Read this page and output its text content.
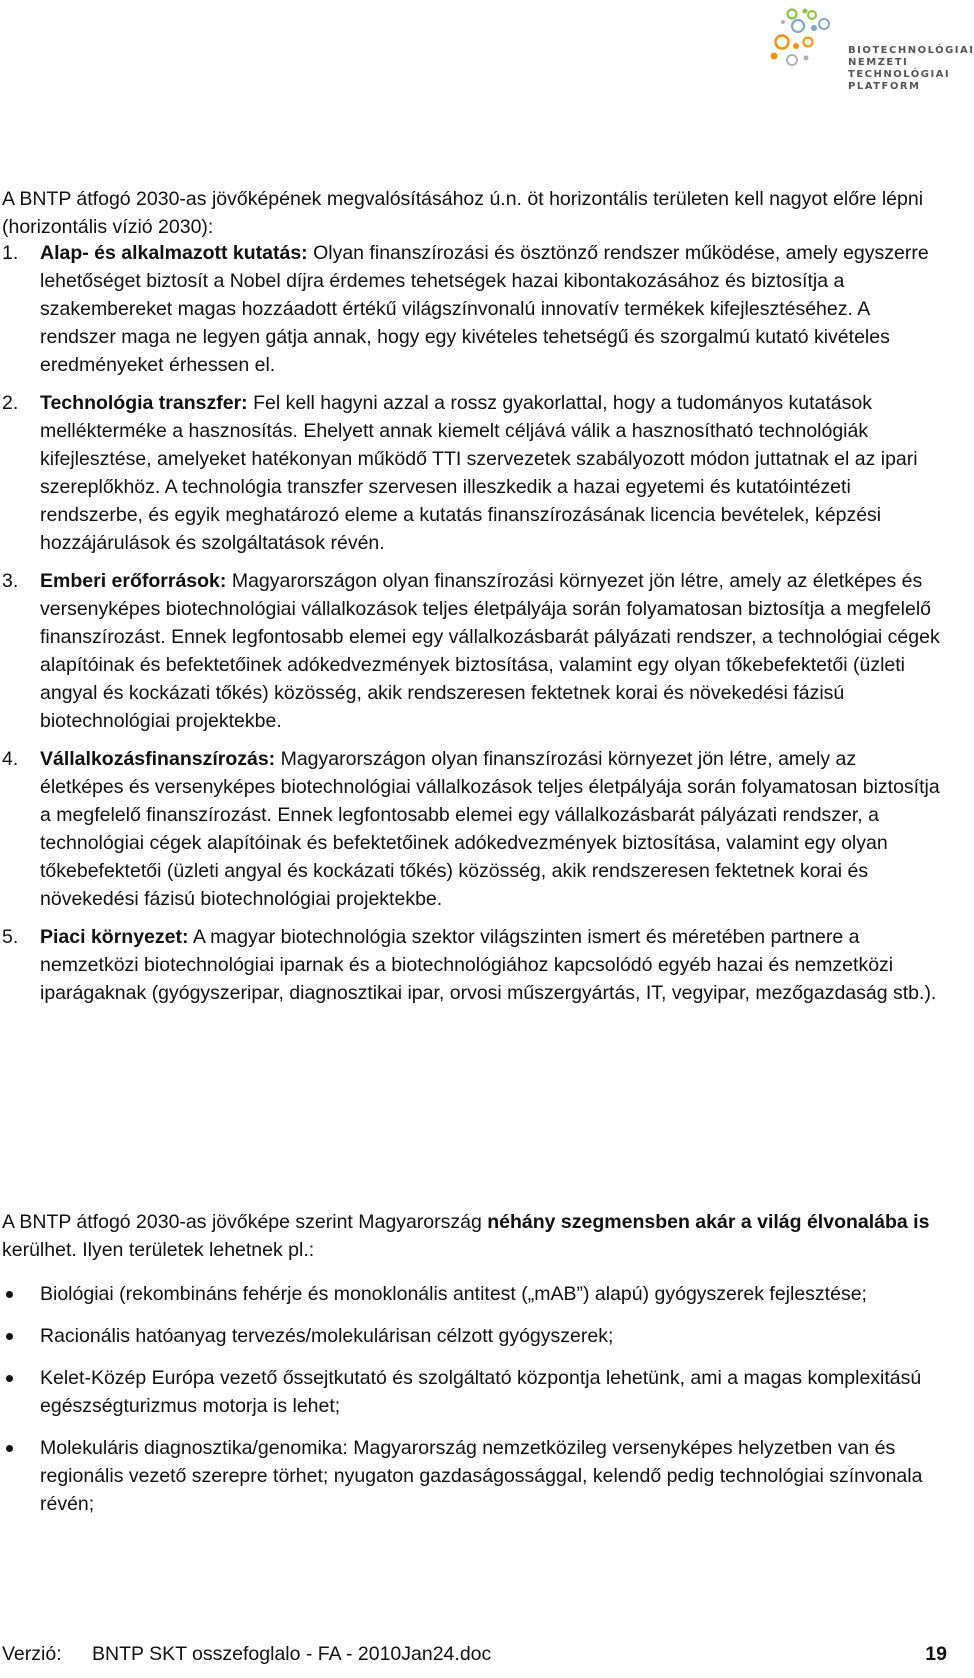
BIOTECHNOLÓGIAI
NEMZETI
TECHNOLÓGIAI
PLATFORM
A BNTP átfogó 2030-as jövőképének megvalósításához ú.n. öt horizontális területen kell nagyot előre lépni (horizontális vízió 2030):
1. Alap- és alkalmazott kutatás: Olyan finanszírozási és ösztönző rendszer működése, amely egyszerre lehetőséget biztosít a Nobel díjra érdemes tehetségek hazai kibontakozásához és biztosítja a szakembereket magas hozzáadott értékű világszínvonalú innovatív termékek kifejlesztéséhez. A rendszer maga ne legyen gátja annak, hogy egy kivételes tehetségű és szorgalmú kutató kivételes eredményeket érhessen el.
2. Technológia transzfer: Fel kell hagyni azzal a rossz gyakorlattal, hogy a tudományos kutatások mellékterméke a hasznosítás. Ehelyett annak kiemelt céljává válik a hasznosítható technológiák kifejlesztése, amelyeket hatékonyan működő TTI szervezetek szabályozott módon juttatnak el az ipari szereplőkhöz. A technológia transzfer szervesen illeszkedik a hazai egyetemi és kutatóintézeti rendszerbe, és egyik meghatározó eleme a kutatás finanszírozásának licencia bevételek, képzési hozzájárulások és szolgáltatások révén.
3. Emberi erőforrások: Magyarországon olyan finanszírozási környezet jön létre, amely az életképes és versenyképes biotechnológiai vállalkozások teljes életpályája során folyamatosan biztosítja a megfelelő finanszírozást. Ennek legfontosabb elemei egy vállalkozásbarát pályázati rendszer, a technológiai cégek alapítóinak és befektetőinek adókedvezmények biztosítása, valamint egy olyan tőkebefektetői (üzleti angyal és kockázati tőkés) közösség, akik rendszeresen fektetnek korai és növekedési fázisú biotechnológiai projektekbe.
4. Vállalkozásfinanszírozás: Magyarországon olyan finanszírozási környezet jön létre, amely az életképes és versenyképes biotechnológiai vállalkozások teljes életpályája során folyamatosan biztosítja a megfelelő finanszírozást. Ennek legfontosabb elemei egy vállalkozásbarát pályázati rendszer, a technológiai cégek alapítóinak és befektetőinek adókedvezmények biztosítása, valamint egy olyan tőkebefektetői (üzleti angyal és kockázati tőkés) közösség, akik rendszeresen fektetnek korai és növekedési fázisú biotechnológiai projektekbe.
5. Piaci környezet: A magyar biotechnológia szektor világszinten ismert és méretében partnere a nemzetközi biotechnológiai iparnak és a biotechnológiához kapcsolódó egyéb hazai és nemzetközi iparágaknak (gyógyszeripar, diagnosztikai ipar, orvosi műszergyártás, IT, vegyipar, mezőgazdaság stb.).
A BNTP átfogó 2030-as jövőképe szerint Magyarország néhány szegmensben akár a világ élvonalába is kerülhet. Ilyen területek lehetnek pl.:
Biológiai (rekombináns fehérje és monoklonális antitest („mAB”) alapú) gyógyszerek fejlesztése;
Racionális hatóanyag tervezés/molekulárisan célzott gyógyszerek;
Kelet-Közép Európa vezető őssejtkutató és szolgáltató központja lehetünk, ami a magas komplexitású egészségturizmus motorja is lehet;
Molekuláris diagnosztika/genomika: Magyarország nemzetközileg versenyképes helyzetben van és regionális vezető szerepre törhet; nyugaton gazdaságossággal, kelendő pedig technológiai színvonala révén;
Verzió: BNTP SKT osszefoglalo - FA - 2010Jan24.doc	19
